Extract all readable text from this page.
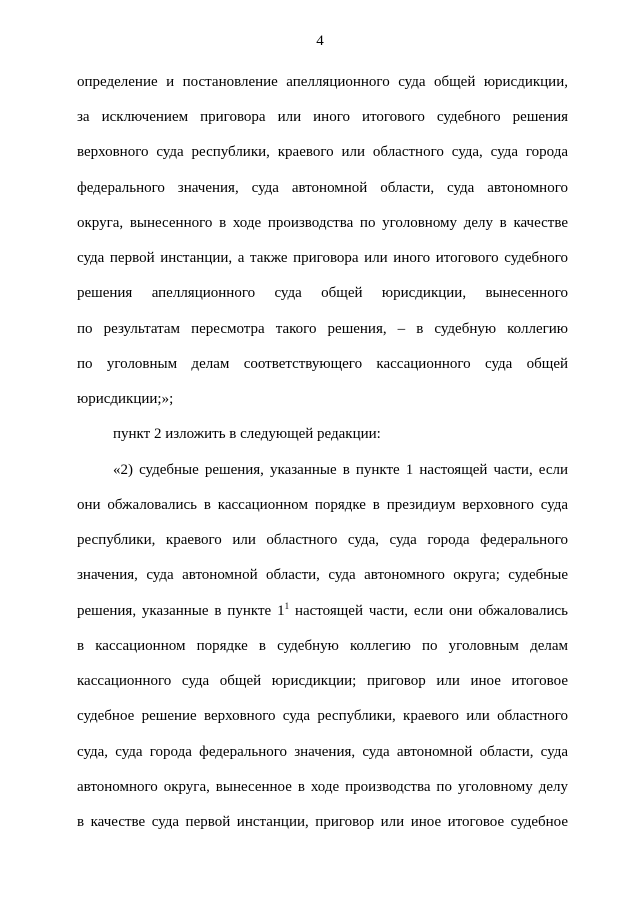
4
определение и постановление апелляционного суда общей юрисдикции,
за исключением приговора или иного итогового судебного решения
верховного суда республики, краевого или областного суда, суда города
федерального значения, суда автономной области, суда автономного
округа, вынесенного в ходе производства по уголовному делу в качестве
суда первой инстанции, а также приговора или иного итогового судебного
решения апелляционного суда общей юрисдикции, вынесенного
по результатам пересмотра такого решения, – в судебную коллегию
по уголовным делам соответствующего кассационного суда общей
юрисдикции;»;
пункт 2 изложить в следующей редакции:
«2) судебные решения, указанные в пункте 1 настоящей части, если
они обжаловались в кассационном порядке в президиум верховного суда
республики, краевого или областного суда, суда города федерального
значения, суда автономной области, суда автономного округа; судебные
решения, указанные в пункте $1^1$ настоящей части, если они обжаловались
в кассационном порядке в судебную коллегию по уголовным делам
кассационного суда общей юрисдикции; приговор или иное итоговое
судебное решение верховного суда республики, краевого или областного
суда, суда города федерального значения, суда автономной области, суда
автономного округа, вынесенное в ходе производства по уголовному делу
в качестве суда первой инстанции, приговор или иное итоговое судебное
